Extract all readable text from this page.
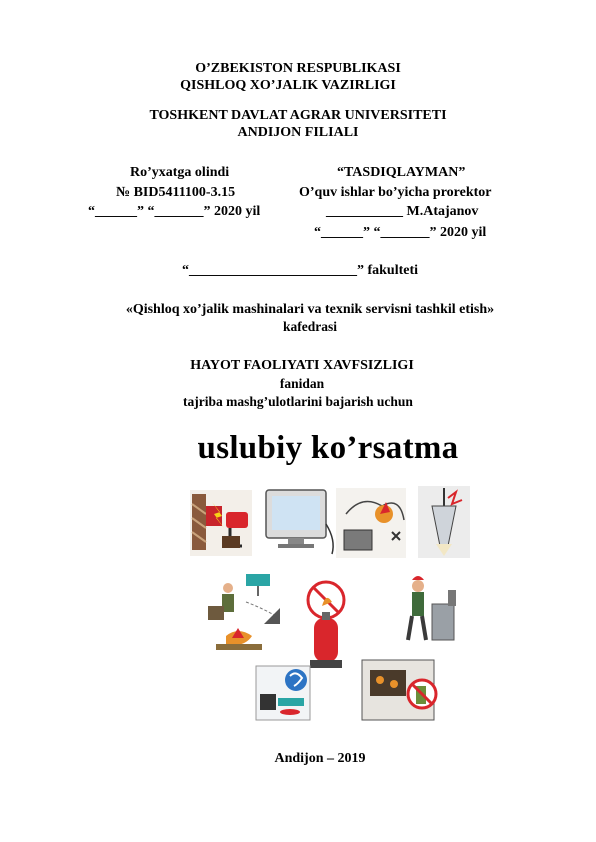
O’ZBEKISTON RESPUBLIKASI
QISHLOQ XO’JALIK VAZIRLIGI
TOSHKENT DAVLAT AGRAR UNIVERSITETI
ANDIJON FILIALI
Ro’yxatga olindi
№ BID5411100-3.15
“______” “_______” 2020 yil
“TASDIQLAYMAN”
O’quv ishlar bo’yicha prorektor
___________ M.Atajanov
“______” “_______” 2020 yil
“________________________” fakulteti
«Qishloq xo’jalik mashinalari va texnik servisni tashkil etish»
kafedrasi
HAYOT FAOLIYATI XAVFSIZLIGI
fanidan
tajriba mashg’ulotlarini bajarish uchun
uslubiy ko’rsatma
Andijon – 2019
